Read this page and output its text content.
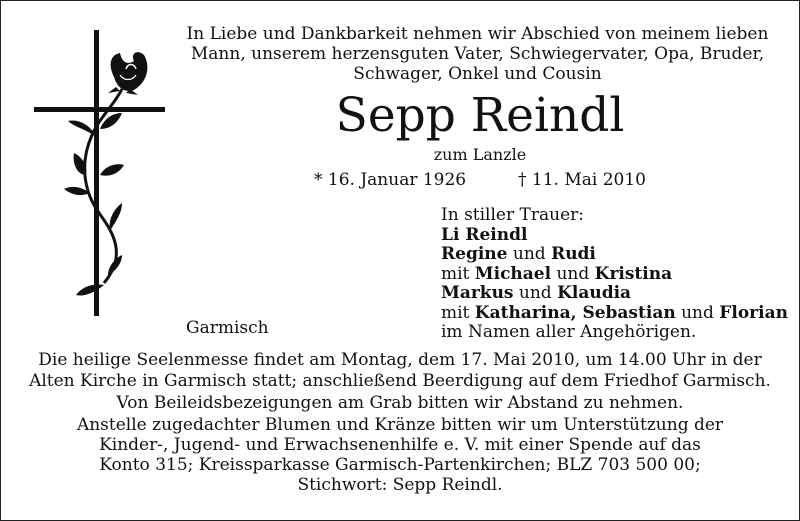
In Liebe und Dankbarkeit nehmen wir Abschied von meinem lieben
Mann, unserem herzensguten Vater, Schwiegervater, Opa, Bruder,
Schwager, Onkel und Cousin
Sepp Reindl
zum Lanzle
* 16. Januar 1926	† 11. Mai 2010
In stiller Trauer:
Li Reindl
Regine und Rudi
mit Michael und Kristina
Markus und Klaudia
mit Katharina, Sebastian und Florian
im Namen aller Angehörigen.
Garmisch
Die heilige Seelenmesse findet am Montag, dem 17. Mai 2010, um 14.00 Uhr in der
Alten Kirche in Garmisch statt; anschließend Beerdigung auf dem Friedhof Garmisch.
Von Beileidsbezeigungen am Grab bitten wir Abstand zu nehmen.
Anstelle zugedachter Blumen und Kränze bitten wir um Unterstützung der
Kinder-, Jugend- und Erwachsenenhilfe e. V. mit einer Spende auf das
Konto 315; Kreissparkasse Garmisch-Partenkirchen; BLZ 703 500 00;
Stichwort: Sepp Reindl.
